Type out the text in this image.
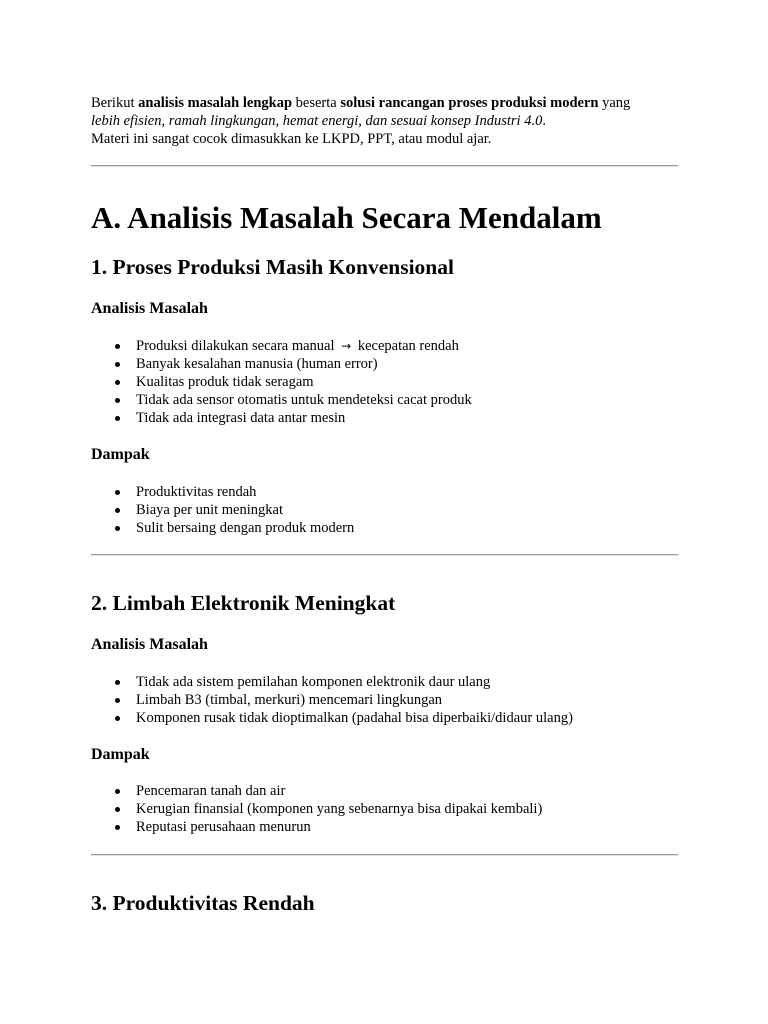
Berikut analisis masalah lengkap beserta solusi rancangan proses produksi modern yang
lebih efisien, ramah lingkungan, hemat energi, dan sesuai konsep Industri 4.0.
Materi ini sangat cocok dimasukkan ke LKPD, PPT, atau modul ajar.

A. Analisis Masalah Secara Mendalam
1. Proses Produksi Masih Konvensional
Analisis Masalah
Produksi dilakukan secara manual → kecepatan rendah
Banyak kesalahan manusia (human error)
Kualitas produk tidak seragam
Tidak ada sensor otomatis untuk mendeteksi cacat produk
Tidak ada integrasi data antar mesin
Dampak
Produktivitas rendah
Biaya per unit meningkat
Sulit bersaing dengan produk modern
2. Limbah Elektronik Meningkat
Analisis Masalah
Tidak ada sistem pemilahan komponen elektronik daur ulang
Limbah B3 (timbal, merkuri) mencemari lingkungan
Komponen rusak tidak dioptimalkan (padahal bisa diperbaiki/didaur ulang)
Dampak
Pencemaran tanah dan air
Kerugian finansial (komponen yang sebenarnya bisa dipakai kembali)
Reputasi perusahaan menurun
3. Produktivitas Rendah
